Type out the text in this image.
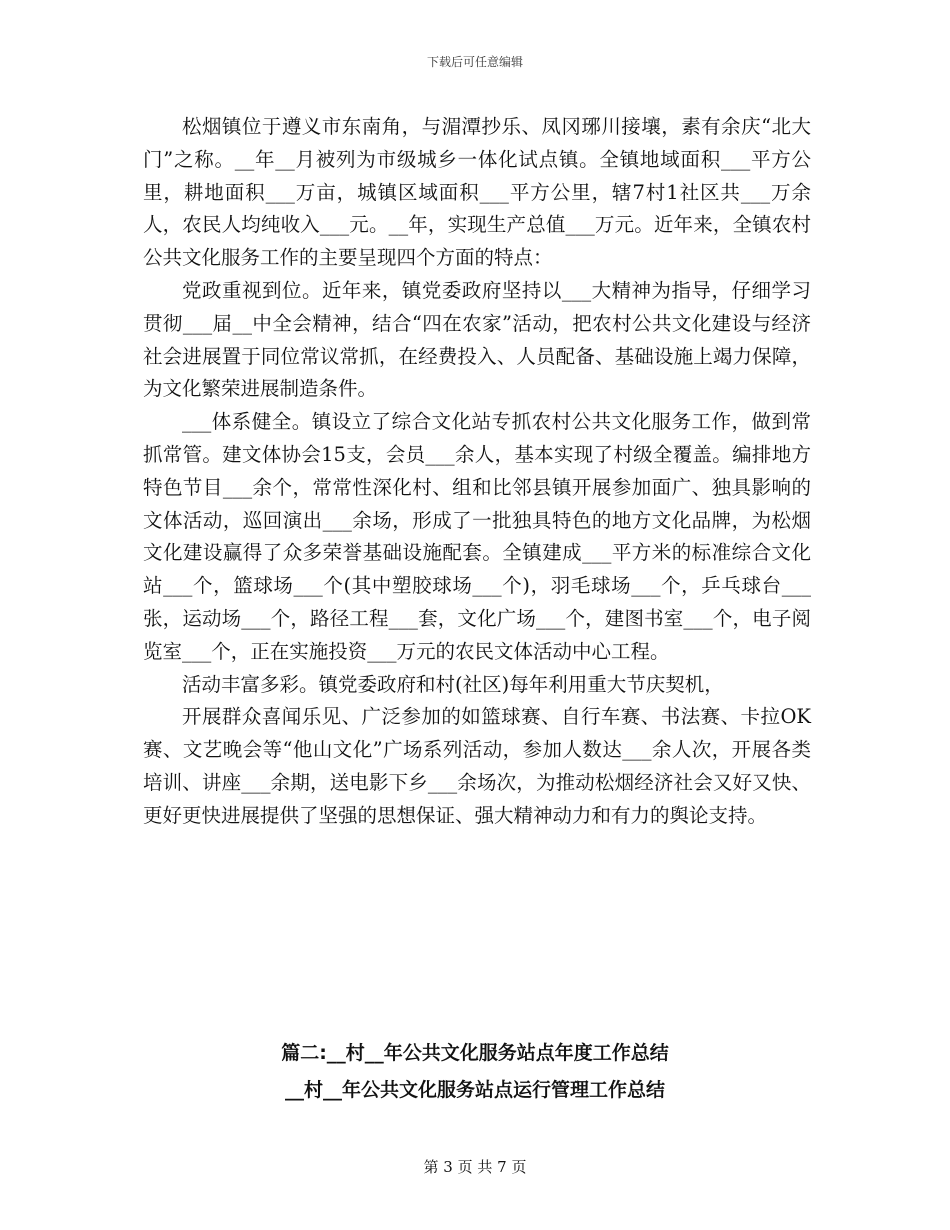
下载后可任意编辑

松烟镇位于遵义市东南角，与湄潭抄乐、凤冈琊川接壤，素有余庆“北大门”之称。__年__月被列为市级城乡一体化试点镇。全镇地域面积___平方公里，耕地面积___万亩，城镇区域面积___平方公里，辖7村1社区共___万余人，农民人均纯收入___元。__年，实现生产总值___万元。近年来，全镇农村公共文化服务工作的主要呈现四个方面的特点：

党政重视到位。近年来，镇党委政府坚持以___大精神为指导，仔细学习贯彻___届__中全会精神，结合“四在农家”活动，把农村公共文化建设与经济社会进展置于同位常议常抓，在经费投入、人员配备、基础设施上竭力保障，为文化繁荣进展制造条件。

___体系健全。镇设立了综合文化站专抓农村公共文化服务工作，做到常抓常管。建文体协会15支，会员___余人，基本实现了村级全覆盖。编排地方特色节目___余个，常常性深化村、组和比邻县镇开展参加面广、独具影响的文体活动，巡回演出___余场，形成了一批独具特色的地方文化品牌，为松烟文化建设赢得了众多荣誉基础设施配套。全镇建成___平方米的标准综合文化站___个，篮球场___个(其中塑胶球场___个)，羽毛球场___个，乒乓球台___张，运动场___个，路径工程___套，文化广场___个，建图书室___个，电子阅览室___个，正在实施投资___万元的农民文体活动中心工程。

活动丰富多彩。镇党委政府和村(社区)每年利用重大节庆契机，

开展群众喜闻乐见、广泛参加的如篮球赛、自行车赛、书法赛、卡拉OK赛、文艺晚会等“他山文化”广场系列活动，参加人数达___余人次，开展各类培训、讲座___余期，送电影下乡___余场次，为推动松烟经济社会又好又快、更好更快进展提供了坚强的思想保证、强大精神动力和有力的舆论支持。

篇二:__村__年公共文化服务站点年度工作总结
__村__年公共文化服务站点运行管理工作总结
第 3 页 共 7 页
